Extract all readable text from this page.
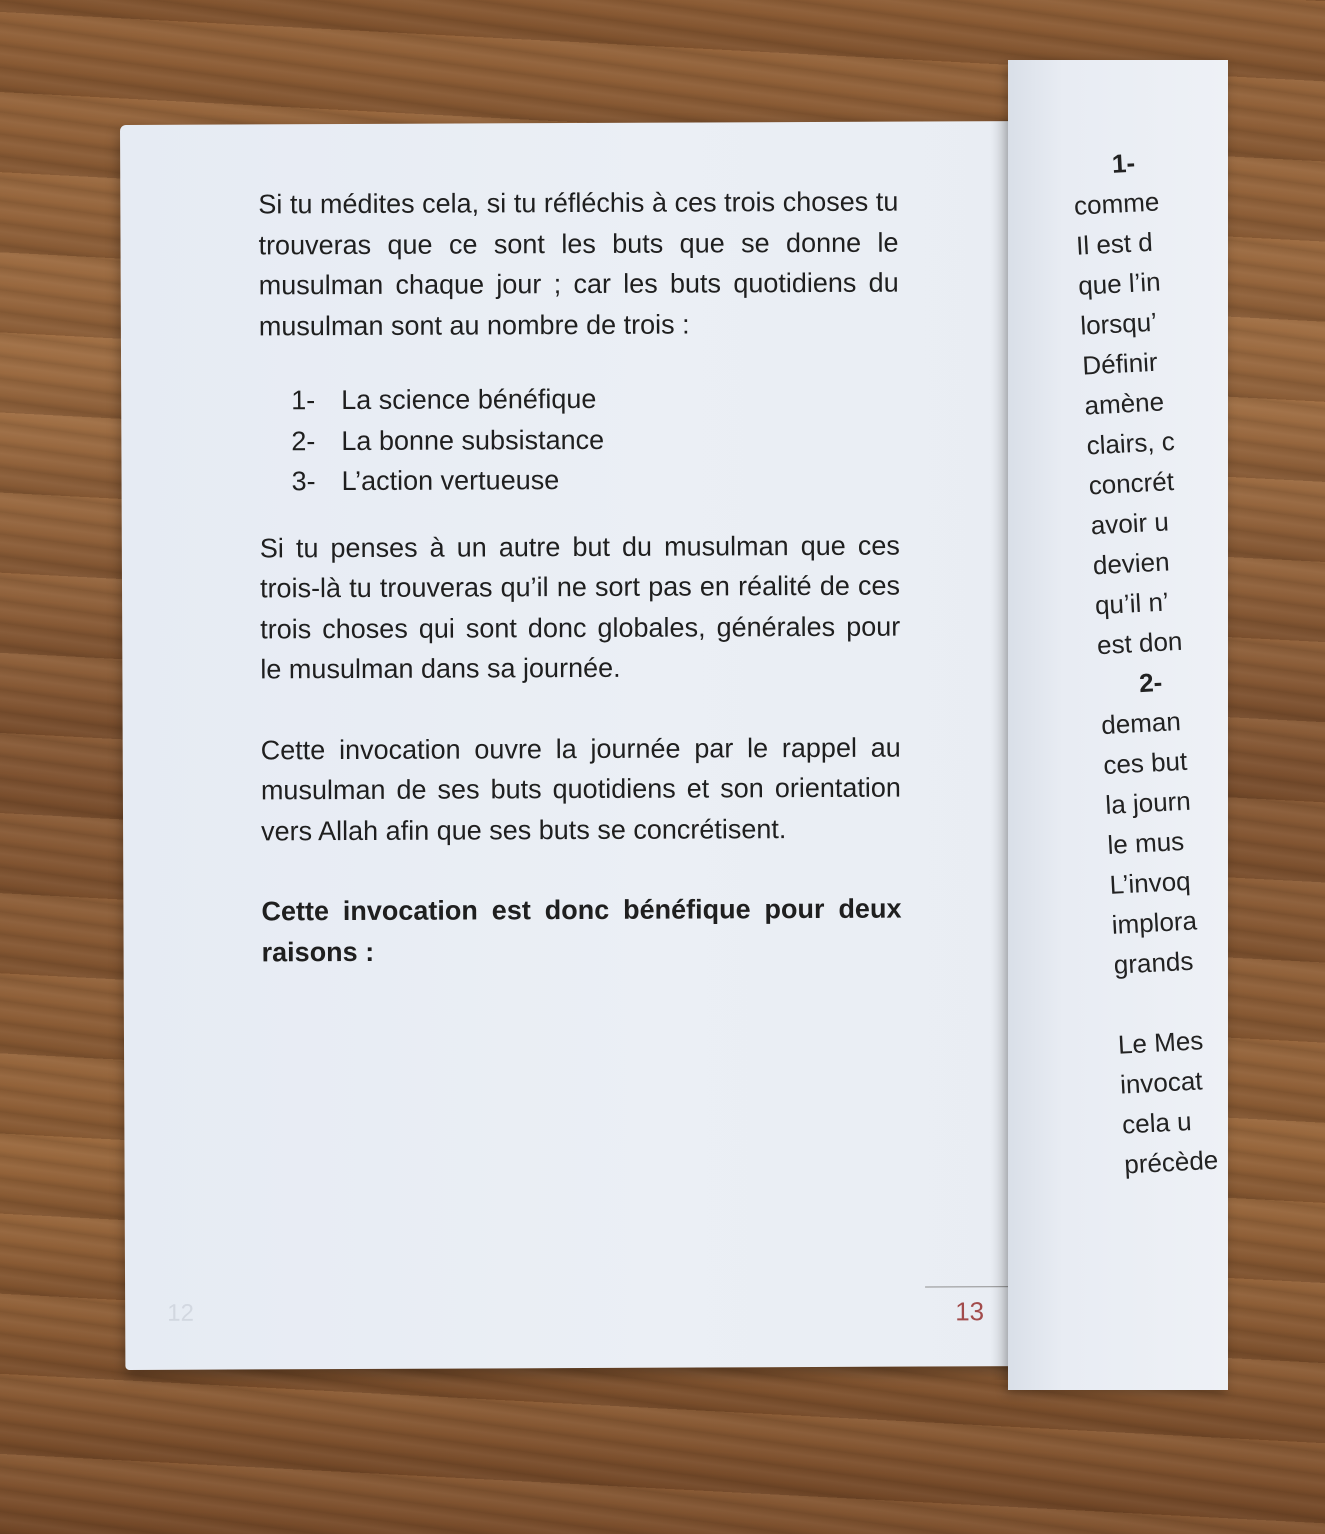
Si tu médites cela, si tu réfléchis à ces trois choses tu trouveras que ce sont les buts que se donne le musulman chaque jour ; car les buts quotidiens du musulman sont au nombre de trois :

1- La science bénéfique
2- La bonne subsistance
3- L’action vertueuse

Si tu penses à un autre but du musulman que ces trois-là tu trouveras qu’il ne sort pas en réalité de ces trois choses qui sont donc globales, générales pour le musulman dans sa journée.

Cette invocation ouvre la journée par le rappel au musulman de ses buts quotidiens et son orientation vers Allah afin que ses buts se concrétisent.

Cette invocation est donc bénéfique pour deux raisons :

12	13
1-
comme
Il est d
que l’in
lorsqu’
Définir
amène
clairs, c
concrét
avoir u
devien
qu’il n’
est don
2-
deman
ces but
la journ
le mus
L’invoq
implora
grands

Le Mes
invocat
cela u
précède
